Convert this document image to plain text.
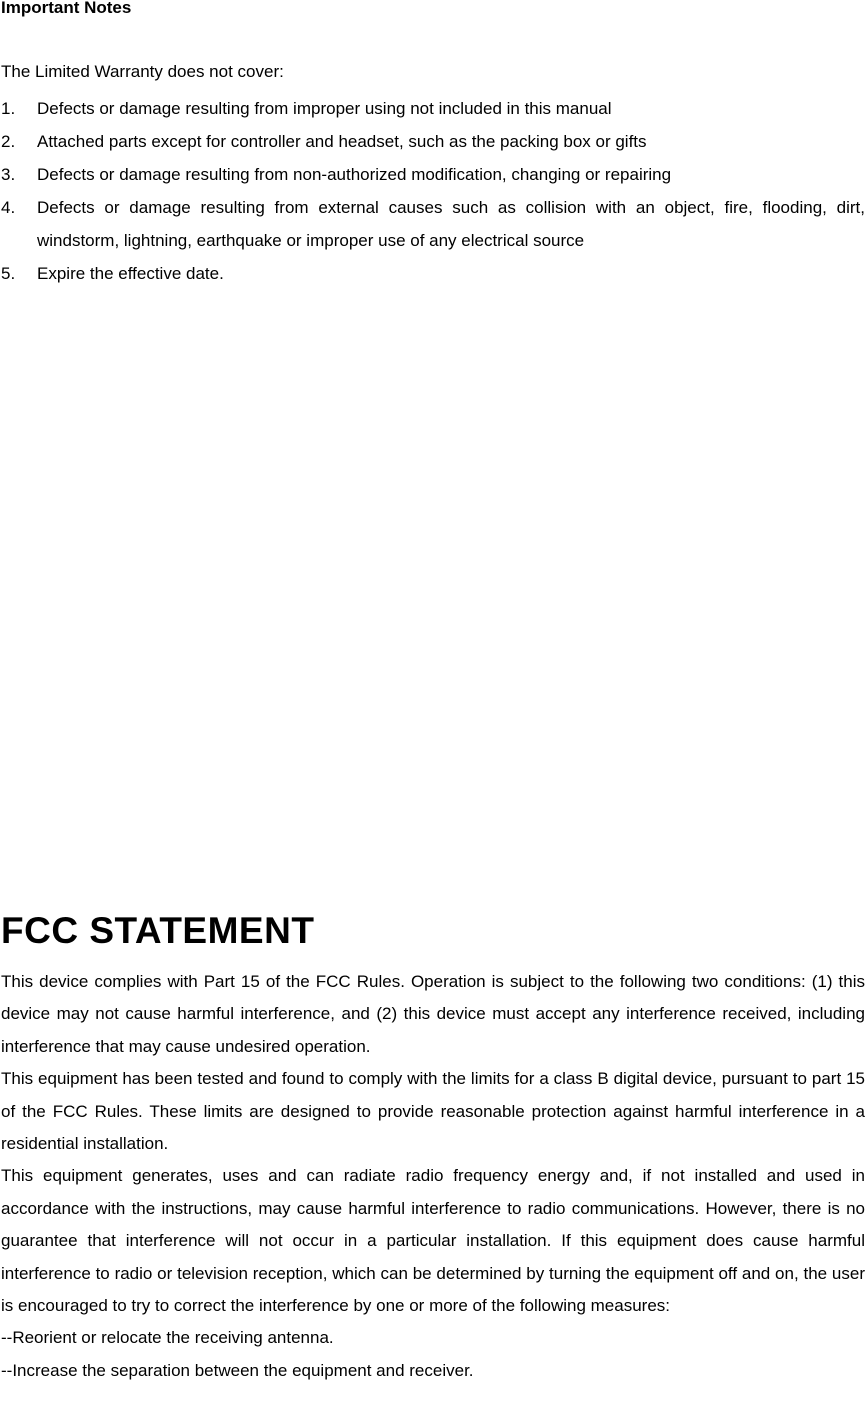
Important Notes

The Limited Warranty does not cover:

1. Defects or damage resulting from improper using not included in this manual
2. Attached parts except for controller and headset, such as the packing box or gifts
3. Defects or damage resulting from non-authorized modification, changing or repairing
4. Defects or damage resulting from external causes such as collision with an object, fire, flooding, dirt, windstorm, lightning, earthquake or improper use of any electrical source
5. Expire the effective date.
FCC STATEMENT

This device complies with Part 15 of the FCC Rules. Operation is subject to the following two conditions: (1) this device may not cause harmful interference, and (2) this device must accept any interference received, including interference that may cause undesired operation.

This equipment has been tested and found to comply with the limits for a class B digital device, pursuant to part 15 of the FCC Rules. These limits are designed to provide reasonable protection against harmful interference in a residential installation.

This equipment generates, uses and can radiate radio frequency energy and, if not installed and used in accordance with the instructions, may cause harmful interference to radio communications. However, there is no guarantee that interference will not occur in a particular installation. If this equipment does cause harmful interference to radio or television reception, which can be determined by turning the equipment off and on, the user is encouraged to try to correct the interference by one or more of the following measures:

--Reorient or relocate the receiving antenna.
--Increase the separation between the equipment and receiver.
